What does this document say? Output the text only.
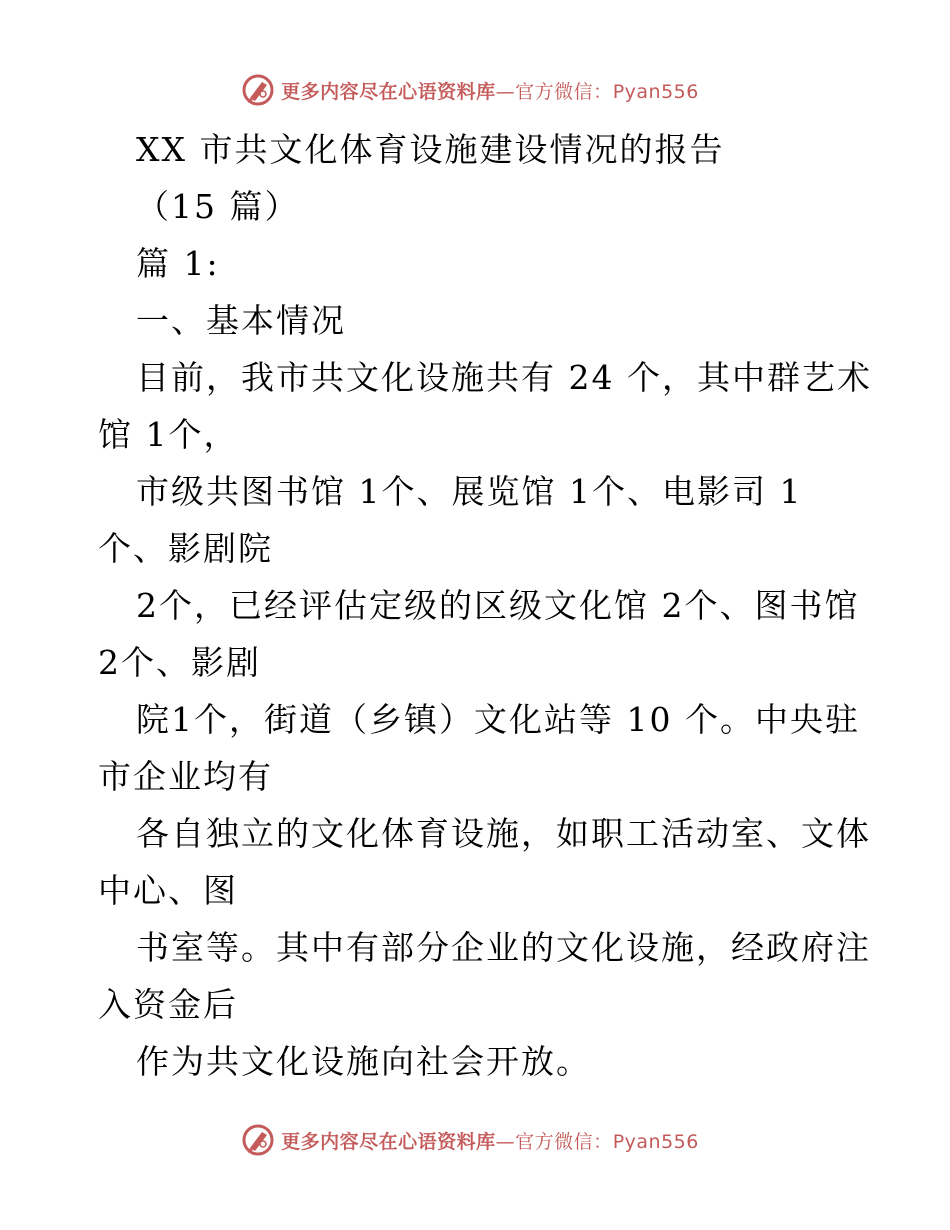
更多内容尽在心语资料库—官方微信：Pyan556
XX 市共文化体育设施建设情况的报告
（15 篇）
篇 1:
一、基本情况
目前，我市共文化设施共有 24 个，其中群艺术
馆 1个，
市级共图书馆 1个、展览馆 1个、电影司 1
个、影剧院
2个，已经评估定级的区级文化馆 2个、图书馆
2个、影剧
院1个，街道（乡镇）文化站等 10 个。中央驻
市企业均有
各自独立的文化体育设施，如职工活动室、文体
中心、图
书室等。其中有部分企业的文化设施，经政府注
入资金后
作为共文化设施向社会开放。
更多内容尽在心语资料库—官方微信：Pyan556
